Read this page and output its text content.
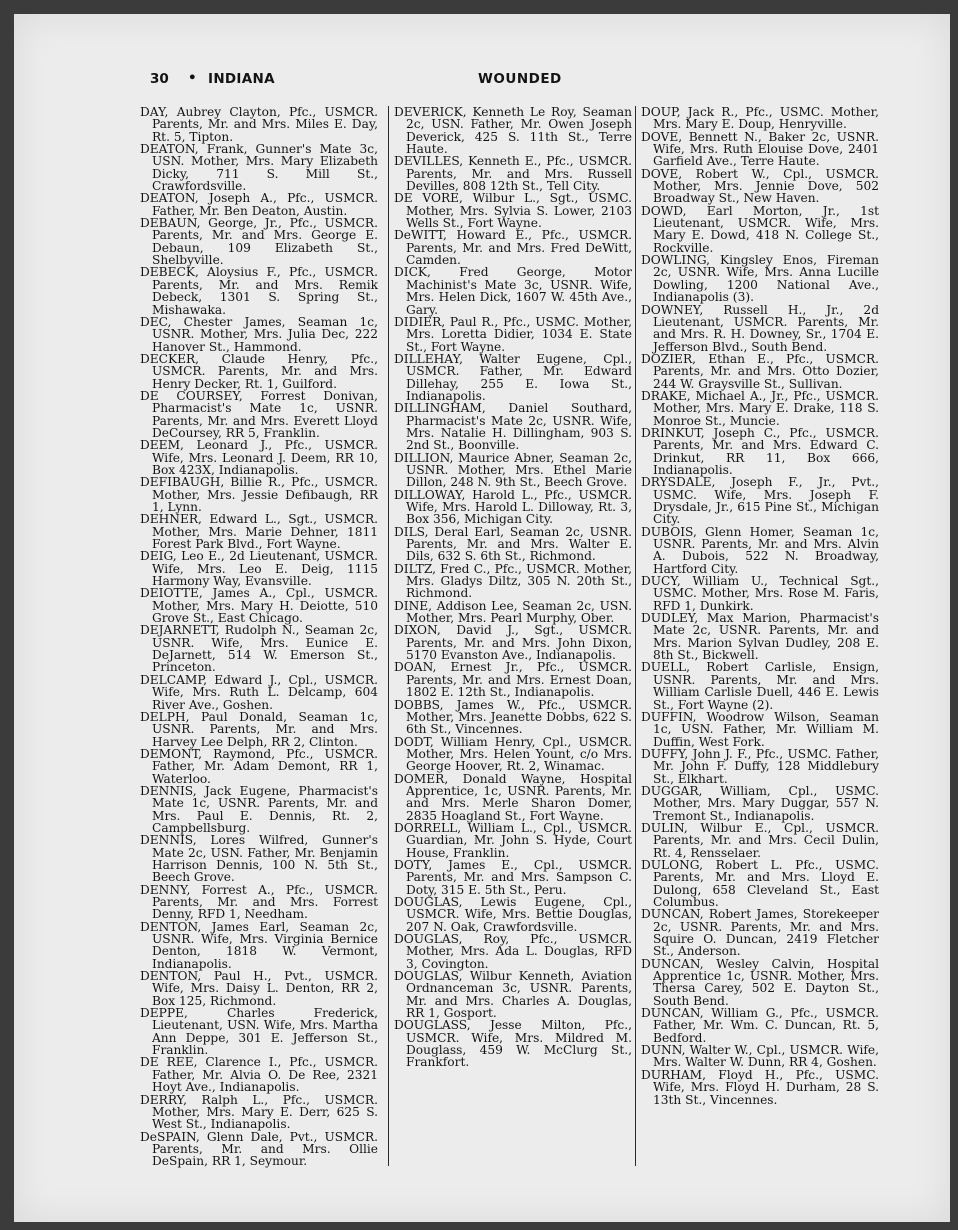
30 • INDIANA	WOUNDED

DAY, Aubrey Clayton, Pfc., USMCR. Parents, Mr. and Mrs. Miles E. Day, Rt. 5, Tipton.

DEATON, Frank, Gunner's Mate 3c, USN. Mother, Mrs. Mary Elizabeth Dicky, 711 S. Mill St., Crawfordsville.

DEATON, Joseph A., Pfc., USMCR. Father, Mr. Ben Deaton, Austin.

DEBAUN, George, Jr., Pfc., USMCR. Parents, Mr. and Mrs. George E. Debaun, 109 Elizabeth St., Shelbyville.

DEBECK, Aloysius F., Pfc., USMCR. Parents, Mr. and Mrs. Remik Debeck, 1301 S. Spring St., Mishawaka.

DEC, Chester James, Seaman 1c, USNR. Mother, Mrs. Julia Dec, 222 Hanover St., Hammond.

DECKER, Claude Henry, Pfc., USMCR. Parents, Mr. and Mrs. Henry Decker, Rt. 1, Guilford.

DE COURSEY, Forrest Donivan, Pharmacist's Mate 1c, USNR. Parents, Mr. and Mrs. Everett Lloyd DeCoursey, RR 5, Franklin.

DEEM, Leonard J., Pfc., USMCR. Wife, Mrs. Leonard J. Deem, RR 10, Box 423X, Indianapolis.

DEFIBAUGH, Billie R., Pfc., USMCR. Mother, Mrs. Jessie Defibaugh, RR 1, Lynn.

DEHNER, Edward L., Sgt., USMCR. Mother, Mrs. Marie Dehner, 1811 Forest Park Blvd., Fort Wayne.

DEIG, Leo E., 2d Lieutenant, USMCR. Wife, Mrs. Leo E. Deig, 1115 Harmony Way, Evansville.

DEIOTTE, James A., Cpl., USMCR. Mother, Mrs. Mary H. Deiotte, 510 Grove St., East Chicago.

DEJARNETT, Rudolph N., Seaman 2c, USNR. Wife, Mrs. Eunice E. DeJarnett, 514 W. Emerson St., Princeton.

DELCAMP, Edward J., Cpl., USMCR. Wife, Mrs. Ruth L. Delcamp, 604 River Ave., Goshen.

DELPH, Paul Donald, Seaman 1c, USNR. Parents, Mr. and Mrs. Harvey Lee Delph, RR 2, Clinton.

DEMONT, Raymond, Pfc., USMCR. Father, Mr. Adam Demont, RR 1, Waterloo.

DENNIS, Jack Eugene, Pharmacist's Mate 1c, USNR. Parents, Mr. and Mrs. Paul E. Dennis, Rt. 2, Campbellsburg.

DENNIS, Lores Wilfred, Gunner's Mate 2c, USN. Father, Mr. Benjamin Harrison Dennis, 100 N. 5th St., Beech Grove.

DENNY, Forrest A., Pfc., USMCR. Parents, Mr. and Mrs. Forrest Denny, RFD 1, Needham.

DENTON, James Earl, Seaman 2c, USNR. Wife, Mrs. Virginia Bernice Denton, 1818 W. Vermont, Indianapolis.

DENTON, Paul H., Pvt., USMCR. Wife, Mrs. Daisy L. Denton, RR 2, Box 125, Richmond.

DEPPE, Charles Frederick, Lieutenant, USN. Wife, Mrs. Martha Ann Deppe, 301 E. Jefferson St., Franklin.

DE REE, Clarence I., Pfc., USMCR. Father, Mr. Alvia O. De Ree, 2321 Hoyt Ave., Indianapolis.

DERRY, Ralph L., Pfc., USMCR. Mother, Mrs. Mary E. Derr, 625 S. West St., Indianapolis.

DeSPAIN, Glenn Dale, Pvt., USMCR. Parents, Mr. and Mrs. Ollie DeSpain, RR 1, Seymour.

DEVERICK, Kenneth Le Roy, Seaman 2c, USN. Father, Mr. Owen Joseph Deverick, 425 S. 11th St., Terre Haute.

DEVILLES, Kenneth E., Pfc., USMCR. Parents, Mr. and Mrs. Russell Devilles, 808 12th St., Tell City.

DE VORE, Wilbur L., Sgt., USMC. Mother, Mrs. Sylvia S. Lower, 2103 Wells St., Fort Wayne.

DeWITT, Howard E., Pfc., USMCR. Parents, Mr. and Mrs. Fred DeWitt, Camden.

DICK, Fred George, Motor Machinist's Mate 3c, USNR. Wife, Mrs. Helen Dick, 1607 W. 45th Ave., Gary.

DIDIER, Paul R., Pfc., USMC. Mother, Mrs. Loretta Didier, 1034 E. State St., Fort Wayne.

DILLEHAY, Walter Eugene, Cpl., USMCR. Father, Mr. Edward Dillehay, 255 E. Iowa St., Indianapolis.

DILLINGHAM, Daniel Southard, Pharmacist's Mate 2c, USNR. Wife, Mrs. Natalie H. Dillingham, 903 S. 2nd St., Boonville.

DILLION, Maurice Abner, Seaman 2c, USNR. Mother, Mrs. Ethel Marie Dillon, 248 N. 9th St., Beech Grove.

DILLOWAY, Harold L., Pfc., USMCR. Wife, Mrs. Harold L. Dilloway, Rt. 3, Box 356, Michigan City.

DILS, Deral Earl, Seaman 2c, USNR. Parents, Mr. and Mrs. Walter E. Dils, 632 S. 6th St., Richmond.

DILTZ, Fred C., Pfc., USMCR. Mother, Mrs. Gladys Diltz, 305 N. 20th St., Richmond.

DINE, Addison Lee, Seaman 2c, USN. Mother, Mrs. Pearl Murphy, Ober.

DIXON, David J., Sgt., USMCR. Parents, Mr. and Mrs. John Dixon, 5170 Evanston Ave., Indianapolis.

DOAN, Ernest Jr., Pfc., USMCR. Parents, Mr. and Mrs. Ernest Doan, 1802 E. 12th St., Indianapolis.

DOBBS, James W., Pfc., USMCR. Mother, Mrs. Jeanette Dobbs, 622 S. 6th St., Vincennes.

DODT, William Henry, Cpl., USMCR. Mother, Mrs. Helen Yount, c/o Mrs. George Hoover, Rt. 2, Winamac.

DOMER, Donald Wayne, Hospital Apprentice, 1c, USNR. Parents, Mr. and Mrs. Merle Sharon Domer, 2835 Hoagland St., Fort Wayne.

DORRELL, William L., Cpl., USMCR. Guardian, Mr. John S. Hyde, Court House, Franklin.

DOTY, James E., Cpl., USMCR. Parents, Mr. and Mrs. Sampson C. Doty, 315 E. 5th St., Peru.

DOUGLAS, Lewis Eugene, Cpl., USMCR. Wife, Mrs. Bettie Douglas, 207 N. Oak, Crawfordsville.

DOUGLAS, Roy, Pfc., USMCR. Mother, Mrs. Ada L. Douglas, RFD 3, Covington.

DOUGLAS, Wilbur Kenneth, Aviation Ordnanceman 3c, USNR. Parents, Mr. and Mrs. Charles A. Douglas, RR 1, Gosport.

DOUGLASS, Jesse Milton, Pfc., USMCR. Wife, Mrs. Mildred M. Douglass, 459 W. McClurg St., Frankfort.

DOUP, Jack R., Pfc., USMC. Mother, Mrs. Mary E. Doup, Henryville.

DOVE, Bennett N., Baker 2c, USNR. Wife, Mrs. Ruth Elouise Dove, 2401 Garfield Ave., Terre Haute.

DOVE, Robert W., Cpl., USMCR. Mother, Mrs. Jennie Dove, 502 Broadway St., New Haven.

DOWD, Earl Morton, Jr., 1st Lieutenant, USMCR. Wife, Mrs. Mary E. Dowd, 418 N. College St., Rockville.

DOWLING, Kingsley Enos, Fireman 2c, USNR. Wife, Mrs. Anna Lucille Dowling, 1200 National Ave., Indianapolis (3).

DOWNEY, Russell H., Jr., 2d Lieutenant, USMCR. Parents, Mr. and Mrs. R. H. Downey, Sr., 1704 E. Jefferson Blvd., South Bend.

DOZIER, Ethan E., Pfc., USMCR. Parents, Mr. and Mrs. Otto Dozier, 244 W. Graysville St., Sullivan.

DRAKE, Michael A., Jr., Pfc., USMCR. Mother, Mrs. Mary E. Drake, 118 S. Monroe St., Muncie.

DRINKUT, Joseph C., Pfc., USMCR. Parents, Mr. and Mrs. Edward C. Drinkut, RR 11, Box 666, Indianapolis.

DRYSDALE, Joseph F., Jr., Pvt., USMC. Wife, Mrs. Joseph F. Drysdale, Jr., 615 Pine St., Michigan City.

DUBOIS, Glenn Homer, Seaman 1c, USNR. Parents, Mr. and Mrs. Alvin A. Dubois, 522 N. Broadway, Hartford City.

DUCY, William U., Technical Sgt., USMC. Mother, Mrs. Rose M. Faris, RFD 1, Dunkirk.

DUDLEY, Max Marion, Pharmacist's Mate 2c, USNR. Parents, Mr. and Mrs. Marion Sylvan Dudley, 208 E. 8th St., Bickwell.

DUELL, Robert Carlisle, Ensign, USNR. Parents, Mr. and Mrs. William Carlisle Duell, 446 E. Lewis St., Fort Wayne (2).

DUFFIN, Woodrow Wilson, Seaman 1c, USN. Father, Mr. William M. Duffin, West Fork.

DUFFY, John J. F., Pfc., USMC. Father, Mr. John F. Duffy, 128 Middlebury St., Elkhart.

DUGGAR, William, Cpl., USMC. Mother, Mrs. Mary Duggar, 557 N. Tremont St., Indianapolis.

DULIN, Wilbur E., Cpl., USMCR. Parents, Mr. and Mrs. Cecil Dulin, Rt. 4, Rensselaer.

DULONG, Robert L. Pfc., USMC. Parents, Mr. and Mrs. Lloyd E. Dulong, 658 Cleveland St., East Columbus.

DUNCAN, Robert James, Storekeeper 2c, USNR. Parents, Mr. and Mrs. Squire O. Duncan, 2419 Fletcher St., Anderson.

DUNCAN, Wesley Calvin, Hospital Apprentice 1c, USNR. Mother, Mrs. Thersa Carey, 502 E. Dayton St., South Bend.

DUNCAN, William G., Pfc., USMCR. Father, Mr. Wm. C. Duncan, Rt. 5, Bedford.

DUNN, Walter W., Cpl., USMCR. Wife, Mrs. Walter W. Dunn, RR 4, Goshen.

DURHAM, Floyd H., Pfc., USMC. Wife, Mrs. Floyd H. Durham, 28 S. 13th St., Vincennes.
